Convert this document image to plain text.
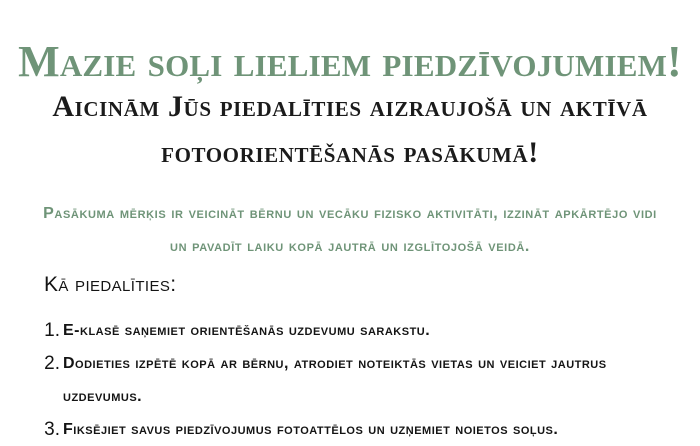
Mazie soļi lieliem piedzīvojumiem!
Aicinām Jūs piedalīties aizraujošā un aktīvā fotoorientēšanās pasākumā!
Pasākuma mērķis ir veicināt bērnu un vecāku fizisko aktivitāti, izzināt apkārtējo vidi un pavadīt laiku kopā jautrā un izglītojošā veidā.
Kā piedalīties:
1. E-klasē saņemiet orientēšanās uzdevumu sarakstu.
2. Dodieties izpētē kopā ar bērnu, atrodiet noteiktās vietas un veiciet jautrus uzdevumus.
3. Fiksējiet savus piedzīvojumus fotoattēlos un uzņemiet noietos soļus.
